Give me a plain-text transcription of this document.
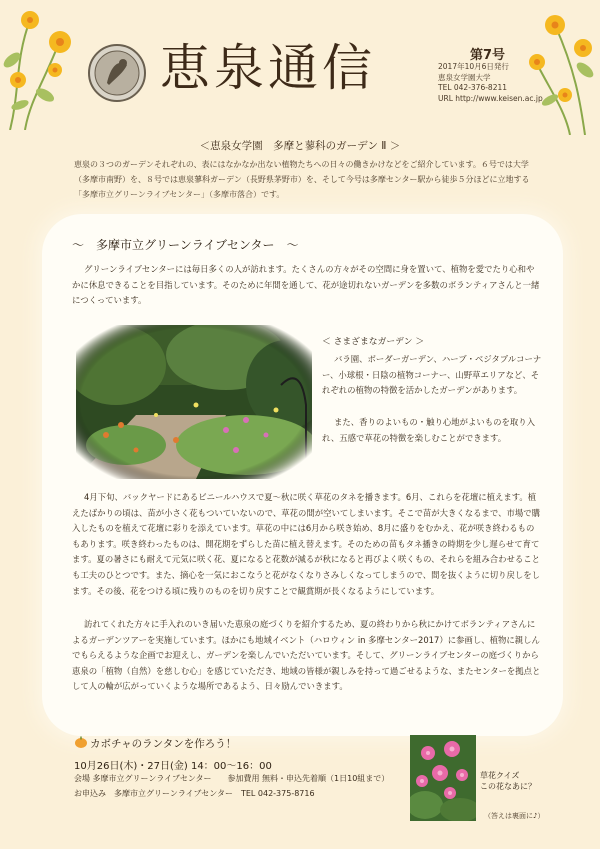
恵泉通信	第7号
2017年10月6日発行
恵泉女学園大学
TEL 042-376-8211
URL http://www.keisen.ac.jp
＜恵泉女学園　多摩と蓼科のガーデン Ⅱ ＞
恵泉の３つのガーデンそれぞれの、表にはなかなか出ない植物たちへの日々の働きかけなどをご紹介しています。６号では大学（多摩市南野）を、８号では恵泉蓼科ガーデン（長野県茅野市）を、そして今号は多摩センター駅から徒歩５分ほどに立地する「多摩市立グリーンライブセンター」（多摩市落合）です。
～　多摩市立グリーンライブセンター　～
グリーンライブセンターには毎日多くの人が訪れます。たくさんの方々がその空間に身を置いて、植物を愛でたり心和やかに休息できることを目指しています。そのために年間を通して、花が途切れないガーデンを多数のボランティアさんと一緒につくっています。
＜ さまざまなガーデン ＞
バラ園、ボーダーガーデン、ハーブ・ベジタブルコーナー、小球根・日陰の植物コーナー、山野草エリアなど、それぞれの植物の特徴を活かしたガーデンがあります。
また、香りのよいもの・触り心地がよいものを取り入れ、五感で草花の特徴を楽しむことができます。
4月下旬、バックヤードにあるビニールハウスで夏～秋に咲く草花のタネを播きます。6月、これらを花壇に植えます。植えたばかりの頃は、苗が小さく花もついていないので、草花の間が空いてしまいます。そこで苗が大きくなるまで、市場で購入したものを植えて花壇に彩りを添えています。草花の中には6月から咲き始め、8月に盛りをむかえ、花が咲き終わるものもあります。咲き終わったものは、開花期をずらした苗に植え替えます。そのための苗もタネ播きの時期を少し遅らせて育てます。夏の暑さにも耐えて元気に咲く花、夏になると花数が減るが秋になると再びよく咲くもの、それらを組み合わせることも工夫のひとつです。また、摘心を一気におこなうと花がなくなりさみしくなってしまうので、間を抜くように切り戻しをします。その後、花をつける頃に残りのものを切り戻すことで観賞期が長くなるようにしています。
訪れてくれた方々に手入れのいき届いた恵泉の庭づくりを紹介するため、夏の終わりから秋にかけてボランティアさんによるガーデンツアーを実施しています。ほかにも地域イベント（ハロウィン in 多摩センター2017）に参画し、植物に親しんでもらえるような企画でお迎えし、ガーデンを楽しんでいただいています。そして、グリーンライブセンターの庭づくりから恵泉の「植物（自然）を慈しむ心」を感じていただき、地域の皆様が親しみを持って過ごせるような、またセンターを拠点として人の輪が広がっていくような場所であるよう、日々励んでいきます。
カボチャのランタンを作ろう！
10月26日(木)・27日(金) 14：00～16：00
会場 多摩市立グリーンライブセンター　　参加費用 無料・申込先着順（1日10組まで）
お申込み　多摩市立グリーンライブセンター　TEL 042-375-8716
草花クイズ
この花なあに？
（答えは裏面に♪）
